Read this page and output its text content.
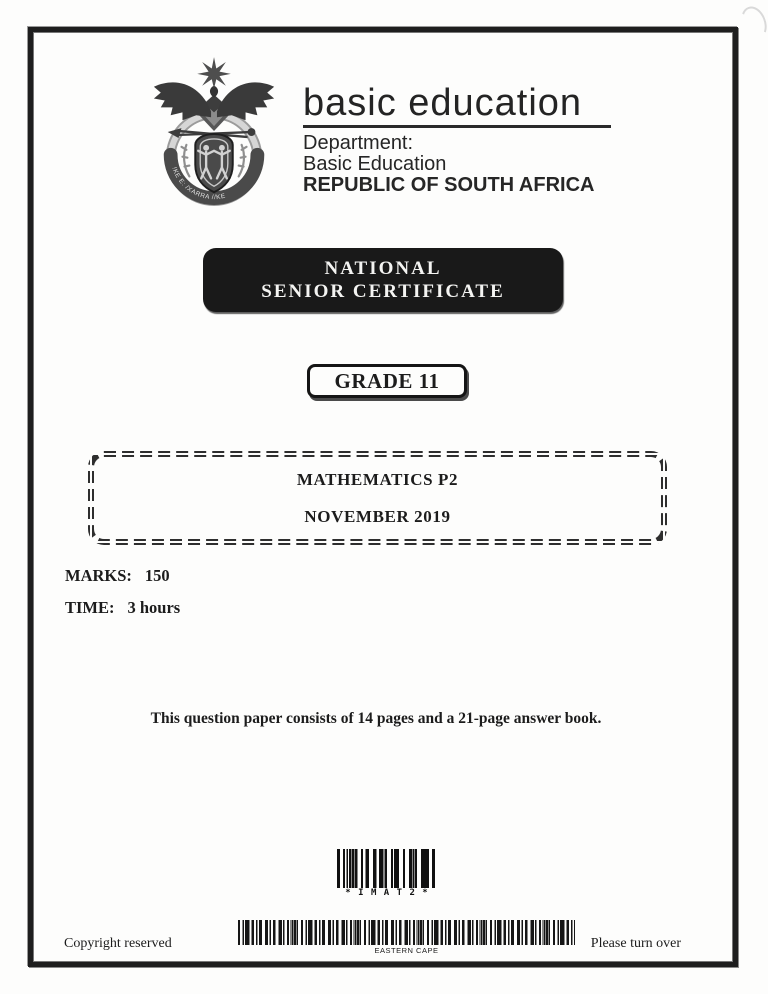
!KE E: /XARRA //KE
basic education
Department:
Basic Education
REPUBLIC OF SOUTH AFRICA
NATIONAL
SENIOR CERTIFICATE
GRADE 11
MATHEMATICS P2
NOVEMBER 2019
MARKS: 150
TIME: 3 hours
This question paper consists of 14 pages and a 21-page answer book.
* I M A T 2 *
EASTERN CAPE
Copyright reserved	Please turn over
